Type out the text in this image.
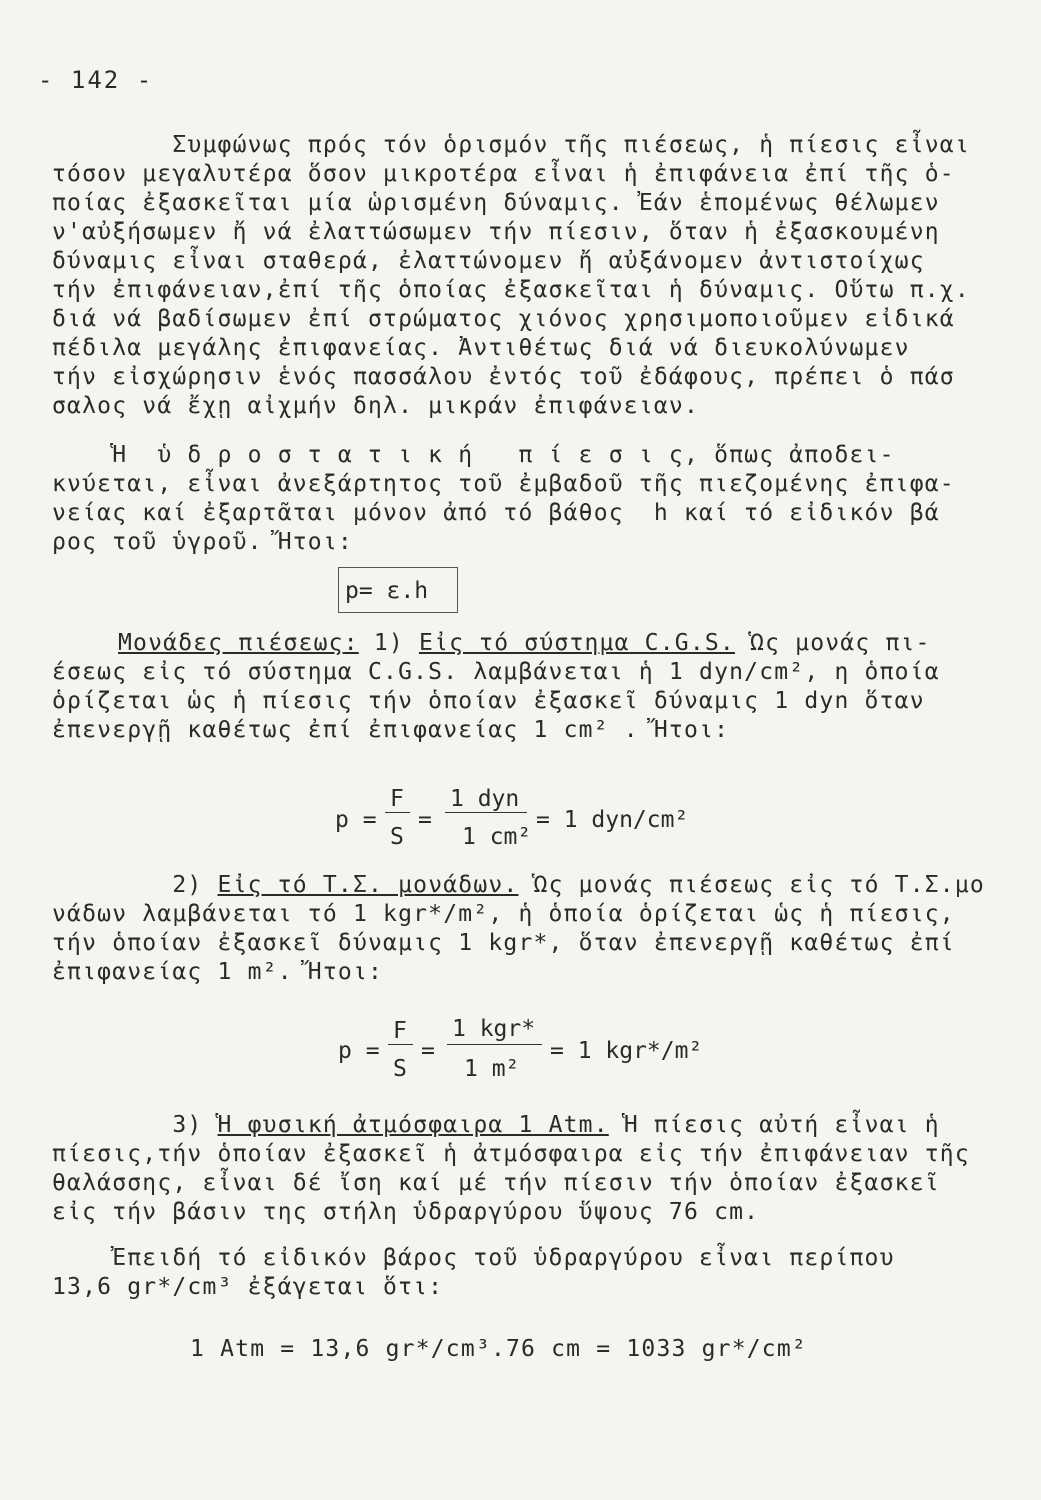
- 142 -
Συμφώνως πρός τόν ὁρισμόν τῆς πιέσεως, ἡ πίεσις εἶναι
τόσον μεγαλυτέρα ὅσον μικροτέρα εἶναι ἡ ἐπιφάνεια ἐπί τῆς ὁ-
ποίας ἐξασκεῖται μία ὡρισμένη δύναμις. Ἐάν ἑπομένως θέλωμεν
ν'αὐξήσωμεν ἤ νά ἐλαττώσωμεν τήν πίεσιν, ὅταν ἡ ἐξασκουμένη
δύναμις εἶναι σταθερά, ἐλαττώνομεν ἤ αὐξάνομεν ἀντιστοίχως
τήν ἐπιφάνειαν,ἐπί τῆς ὁποίας ἐξασκεῖται ἡ δύναμις. Οὕτω π.χ.
διά νά βαδίσωμεν ἐπί στρώματος χιόνος χρησιμοποιοῦμεν εἰδικά
πέδιλα μεγάλης ἐπιφανείας. Ἀντιθέτως διά νά διευκολύνωμεν
τήν εἰσχώρησιν ἑνός πασσάλου ἐντός τοῦ ἐδάφους, πρέπει ὁ πάσ
σαλος νά ἔχῃ αἰχμήν δηλ. μικράν ἐπιφάνειαν.
Ἡ  ὑ δ ρ ο σ τ α τ ι κ ή   π ί ε σ ι ς, ὅπως ἀποδει-
κνύεται, εἶναι ἀνεξάρτητος τοῦ ἐμβαδοῦ τῆς πιεζομένης ἐπιφα-
νείας καί ἐξαρτᾶται μόνον ἀπό τό βάθος  h καί τό εἰδικόν βά
ρος τοῦ ὑγροῦ. Ἤτοι:
p= ε.h
Μονάδες πιέσεως: 1) Εἰς τό σύστημα C.G.S. Ὡς μονάς πι-
έσεως εἰς τό σύστημα C.G.S. λαμβάνεται ἡ 1 dyn/cm², η ὁποία
ὁρίζεται ὡς ἡ πίεσις τήν ὁποίαν ἐξασκεῖ δύναμις 1 dyn ὅταν
ἐπενεργῇ καθέτως ἐπί ἐπιφανείας 1 cm² . Ἤτοι:
p =
F
S
=
1 dyn
1 cm²
= 1 dyn/cm²
2) Εἰς τό Τ.Σ. μονάδων. Ὡς μονάς πιέσεως εἰς τό Τ.Σ.μο
νάδων λαμβάνεται τό 1 kgr*/m², ἡ ὁποία ὁρίζεται ὡς ἡ πίεσις,
τήν ὁποίαν ἐξασκεῖ δύναμις 1 kgr*, ὅταν ἐπενεργῇ καθέτως ἐπί
ἐπιφανείας 1 m². Ἤτοι:
p =
F
S
=
1 kgr*
1 m²
= 1 kgr*/m²
3) Ἡ φυσική ἀτμόσφαιρα 1 Atm. Ἡ πίεσις αὐτή εἶναι ἡ
πίεσις,τήν ὁποίαν ἐξασκεῖ ἡ ἀτμόσφαιρα εἰς τήν ἐπιφάνειαν τῆς
θαλάσσης, εἶναι δέ ἴση καί μέ τήν πίεσιν τήν ὁποίαν ἐξασκεῖ
εἰς τήν βάσιν της στήλη ὑδραργύρου ὕψους 76 cm.
Ἐπειδή τό εἰδικόν βάρος τοῦ ὑδραργύρου εἶναι περίπου
13,6 gr*/cm³ ἐξάγεται ὅτι:
1 Atm = 13,6 gr*/cm³.76 cm = 1033 gr*/cm²
